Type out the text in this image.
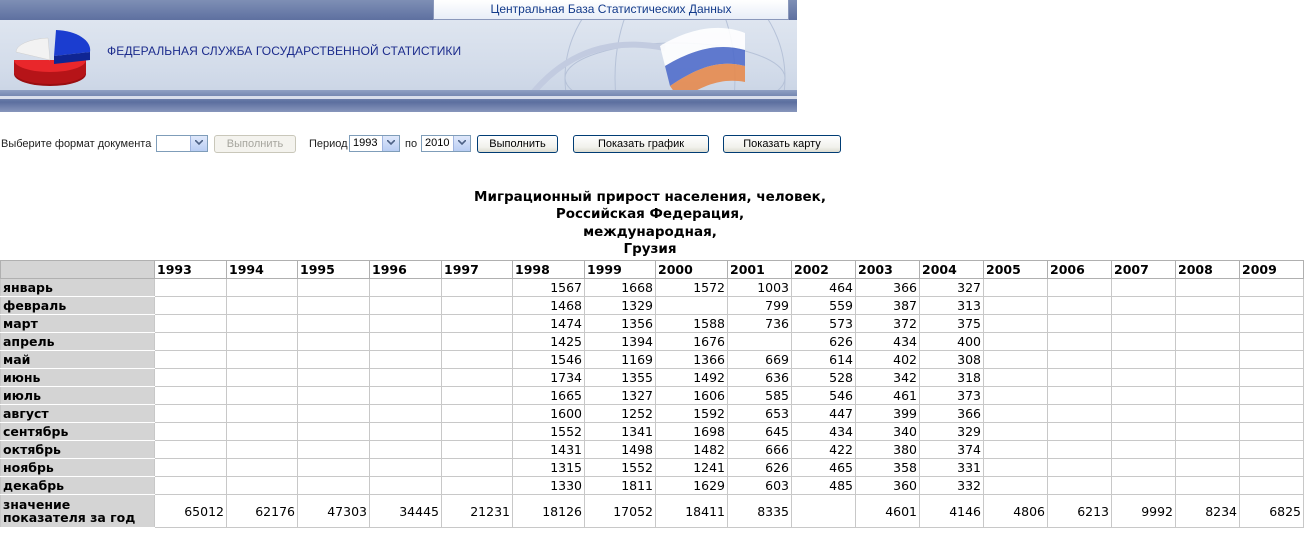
ФЕДЕРАЛЬНАЯ СЛУЖБА ГОСУДАРСТВЕННОЙ СТАТИСТИКИ
Центральная База Статистических Данных
Выберите формат документа	Выполнить	Период 1993	по 2010	Выполнить	Показать график	Показать карту
Миграционный прирост населения, человек,
Российская Федерация,
международная,
Грузия
	1993	1994	1995	1996	1997	1998	1999	2000	2001	2002	2003	2004	2005	2006	2007	2008	2009
январь						1567	1668	1572	1003	464	366	327					
февраль						1468	1329		799	559	387	313					
март						1474	1356	1588	736	573	372	375					
апрель						1425	1394	1676		626	434	400					
май						1546	1169	1366	669	614	402	308					
июнь						1734	1355	1492	636	528	342	318					
июль						1665	1327	1606	585	546	461	373					
август						1600	1252	1592	653	447	399	366					
сентябрь						1552	1341	1698	645	434	340	329					
октябрь						1431	1498	1482	666	422	380	374					
ноябрь						1315	1552	1241	626	465	358	331					
декабрь						1330	1811	1629	603	485	360	332					
значение показателя за год	65012	62176	47303	34445	21231	18126	17052	18411	8335		4601	4146	4806	6213	9992	8234	6825
